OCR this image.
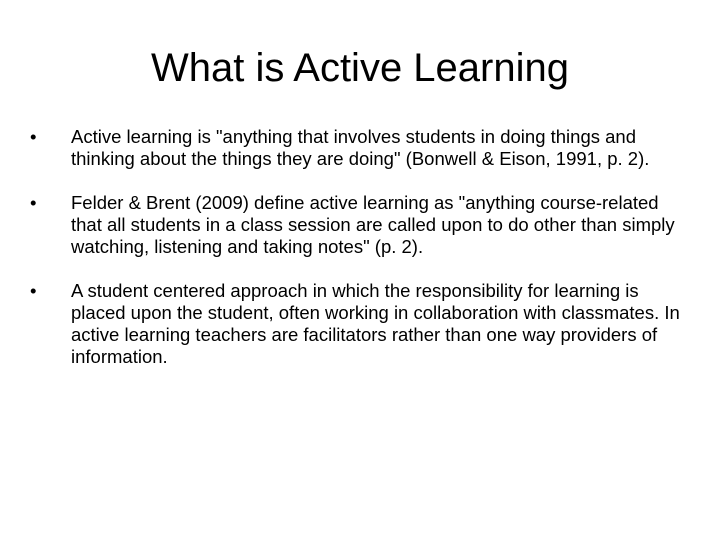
What is Active Learning
•	Active learning is "anything that involves students in doing things and thinking about the things they are doing" (Bonwell & Eison, 1991, p. 2).
•	Felder & Brent (2009) define active learning as "anything course-related that all students in a class session are called upon to do other than simply watching, listening and taking notes" (p. 2).
•	A student centered approach in which the responsibility for learning is placed upon the student, often working in collaboration with classmates. In active learning teachers are facilitators rather than one way providers of information.
